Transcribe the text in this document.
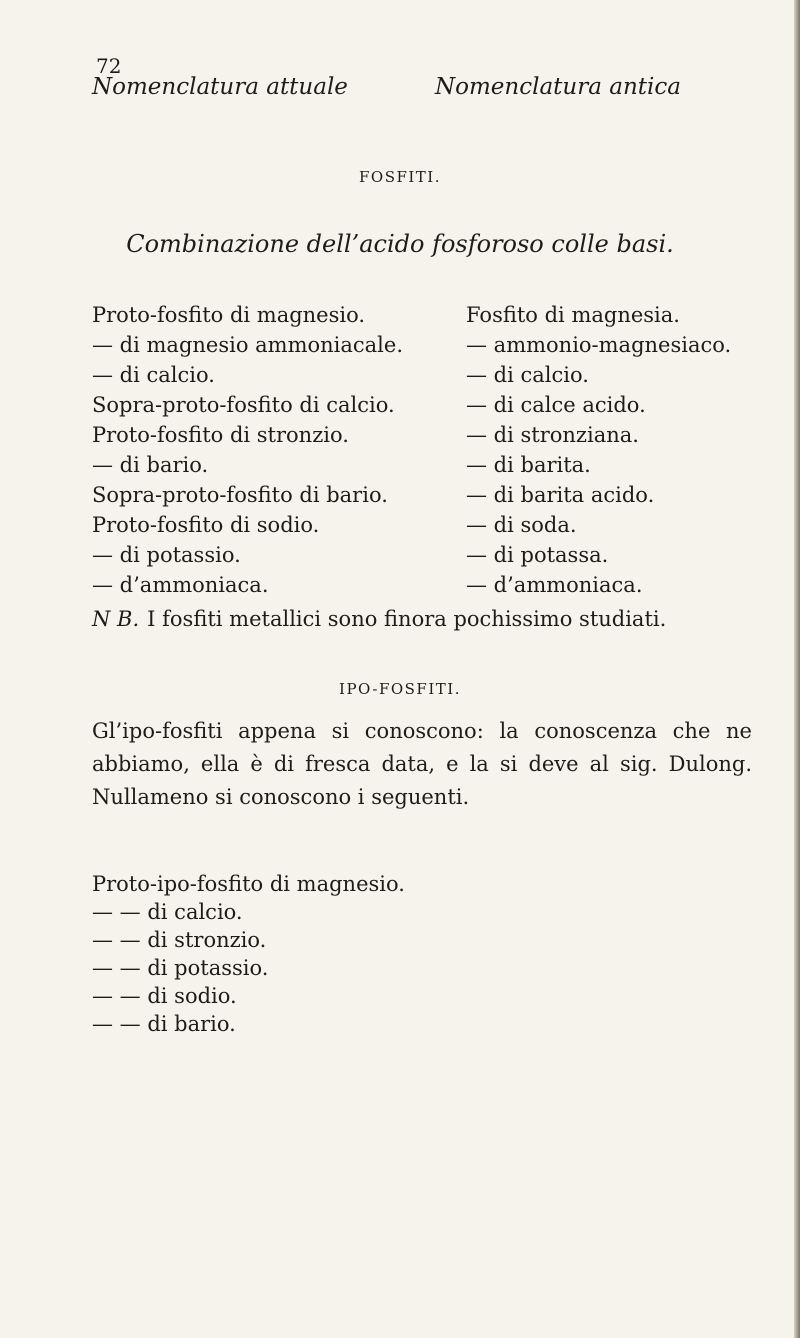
72
Nomenclatura attuale	Nomenclatura antica
FOSFITI.
Combinazione dell’acido fosforoso colle basi.
Proto-fosfito di magnesio.
— di magnesio ammoniacale.
— di calcio.
Sopra-proto-fosfito di calcio.
Proto-fosfito di stronzio.
— di bario.
Sopra-proto-fosfito di bario.
Proto-fosfito di sodio.
— di potassio.
— d’ammoniaca.
Fosfito di magnesia.
— ammonio-magnesiaco.
— di calcio.
— di calce acido.
— di stronziana.
— di barita.
— di barita acido.
— di soda.
— di potassa.
— d’ammoniaca.
N B. I fosfiti metallici sono finora pochissimo studiati.
IPO-FOSFITI.
Gl’ipo-fosfiti appena si conoscono: la conoscenza che ne abbiamo, ella è di fresca data, e la si deve al sig. Dulong. Nullameno si conoscono i seguenti.
Proto-ipo-fosfito di magnesio.
— — di calcio.
— — di stronzio.
— — di potassio.
— — di sodio.
— — di bario.
